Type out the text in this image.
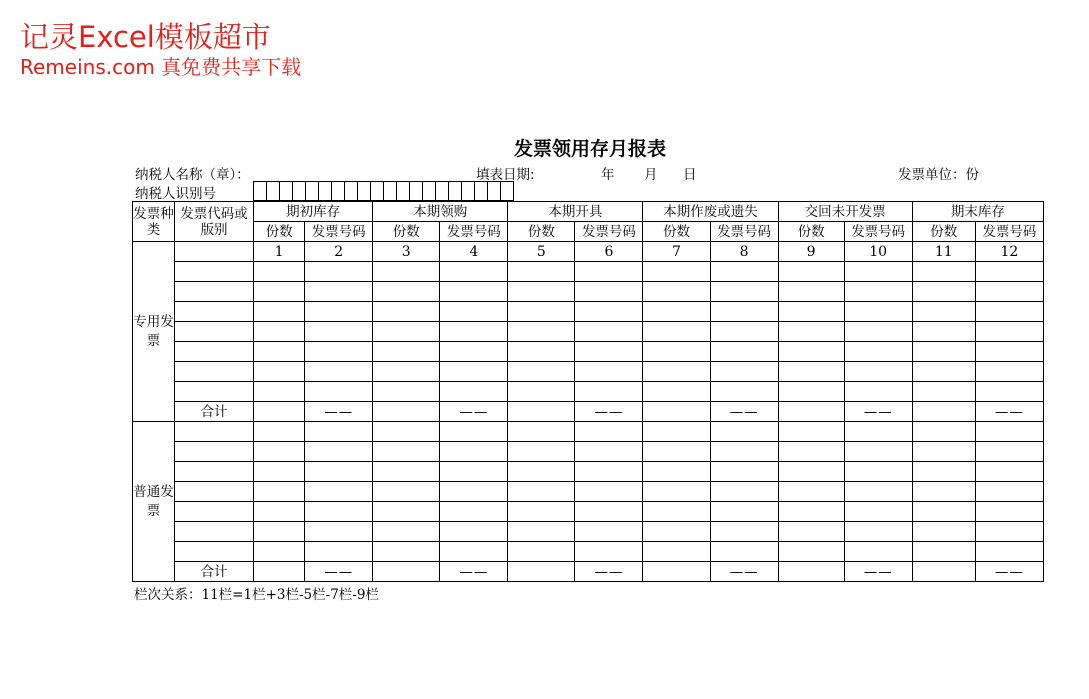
记灵Excel模板超市
Remeins.com 真免费共享下载
发票领用存月报表
纳税人名称（章）：	填表日期:	年 月 日	发票单位：份
纳税人识别号
发票种类	发票代码或版别	期初库存		本期领购		本期开具		本期作废或遗失		交回未开发票		期末库存	
		份数	发票号码	份数	发票号码	份数	发票号码	份数	发票号码	份数	发票号码	份数	发票号码
专用发票		1	2	3	4	5	6	7	8	9	10	11	12

	合计		——		——		——		——		——		——
普通发票													

	合计		——		——		——		——		——		——
栏次关系：11栏=1栏+3栏-5栏-7栏-9栏
